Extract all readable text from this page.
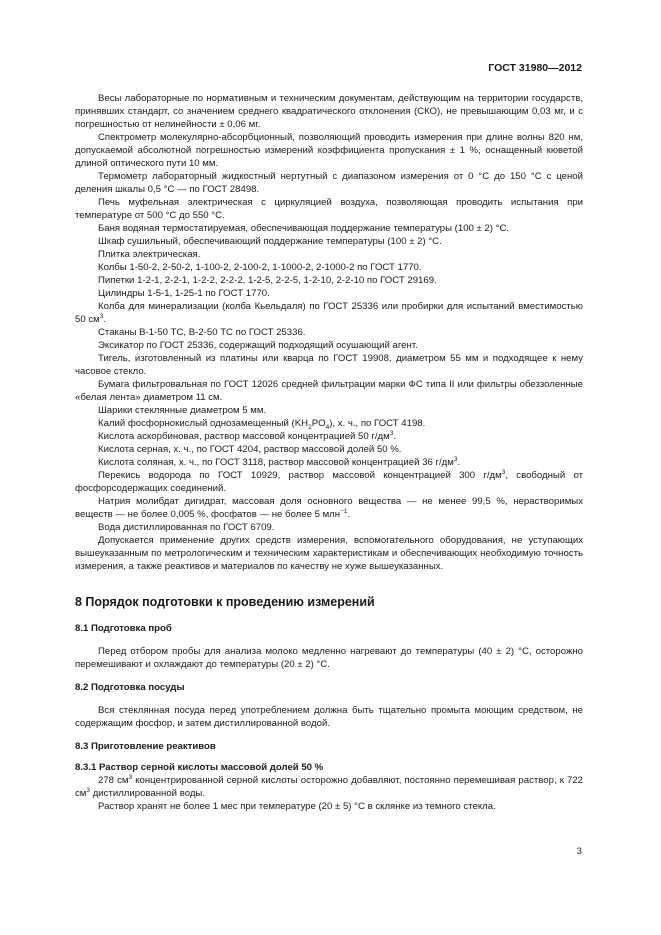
ГОСТ 31980—2012

Весы лабораторные по нормативным и техническим документам, действующим на территории государств, принявших стандарт, со значением среднего квадратического отклонения (СКО), не превышающим 0,03 мг, и с погрешностью от нелинейности ± 0,06 мг.

Спектрометр молекулярно-абсорбционный, позволяющий проводить измерения при длине волны 820 нм, допускаемой абсолютной погрешностью измерений коэффициента пропускания ± 1 %, оснащенный кюветой длиной оптического пути 10 мм.

Термометр лабораторный жидкостный нертутный с диапазоном измерения от 0 °C до 150 °C с ценой деления шкалы 0,5 °C — по ГОСТ 28498.

Печь муфельная электрическая с циркуляцией воздуха, позволяющая проводить испытания при температуре от 500 °C до 550 °C.

Баня водяная термостатируемая, обеспечивающая поддержание температуры (100 ± 2) °C.

Шкаф сушильный, обеспечивающий поддержание температуры (100 ± 2) °C.

Плитка электрическая.

Колбы 1-50-2, 2-50-2, 1-100-2, 2-100-2, 1-1000-2, 2-1000-2 по ГОСТ 1770.

Пипетки 1-2-1, 2-2-1, 1-2-2, 2-2-2, 1-2-5, 2-2-5, 1-2-10, 2-2-10 по ГОСТ 29169.

Цилиндры 1-5-1, 1-25-1 по ГОСТ 1770.

Колба для минерализации (колба Кьельдаля) по ГОСТ 25336 или пробирки для испытаний вместимостью 50 $см^3$.

Стаканы В-1-50 ТС, В-2-50 ТС по ГОСТ 25336.

Эксикатор по ГОСТ 25336, содержащий подходящий осушающий агент.

Тигель, изготовленный из платины или кварца по ГОСТ 19908, диаметром 55 мм и подходящее к нему часовое стекло.

Бумага фильтровальная по ГОСТ 12026 средней фильтрации марки ФС типа II или фильтры обеззоленные «белая лента» диаметром 11 см.

Шарики стеклянные диаметром 5 мм.

Калий фосфорнокислый однозамещенный $(KH_2PO_4)$, х. ч., по ГОСТ 4198.

Кислота аскорбиновая, раствор массовой концентрацией 50 $г/дм^3$.

Кислота серная, х. ч., по ГОСТ 4204, раствор массовой долей 50 %.

Кислота соляная, х. ч., по ГОСТ 3118, раствор массовой концентрацией 36 $г/дм^3$.

Перекись водорода по ГОСТ 10929, раствор массовой концентрацией 300 $г/дм^3$, свободный от фосфорсодержащих соединений.

Натрия молибдат дигидрат, массовая доля основного вещества — не менее 99,5 %, нерастворимых веществ — не более 0,005 %, фосфатов — не более 5 млн$^{-1}$.

Вода дистиллированная по ГОСТ 6709.

Допускается применение других средств измерения, вспомогательного оборудования, не уступающих вышеуказанным по метрологическим и техническим характеристикам и обеспечивающих необходимую точность измерения, а также реактивов и материалов по качеству не хуже вышеуказанных.

8 Порядок подготовки к проведению измерений

8.1 Подготовка проб

Перед отбором пробы для анализа молоко медленно нагревают до температуры (40 ± 2) °C, осторожно перемешивают и охлаждают до температуры (20 ± 2) °C.

8.2 Подготовка посуды

Вся стеклянная посуда перед употреблением должна быть тщательно промыта моющим средством, не содержащим фосфор, и затем дистиллированной водой.

8.3 Приготовление реактивов

8.3.1 Раствор серной кислоты массовой долей 50 %

278 $см^3$ концентрированной серной кислоты осторожно добавляют, постоянно перемешивая раствор, к 722 $см^3$ дистиллированной воды.

Раствор хранят не более 1 мес при температуре (20 ± 5) °C в склянке из темного стекла.

3
